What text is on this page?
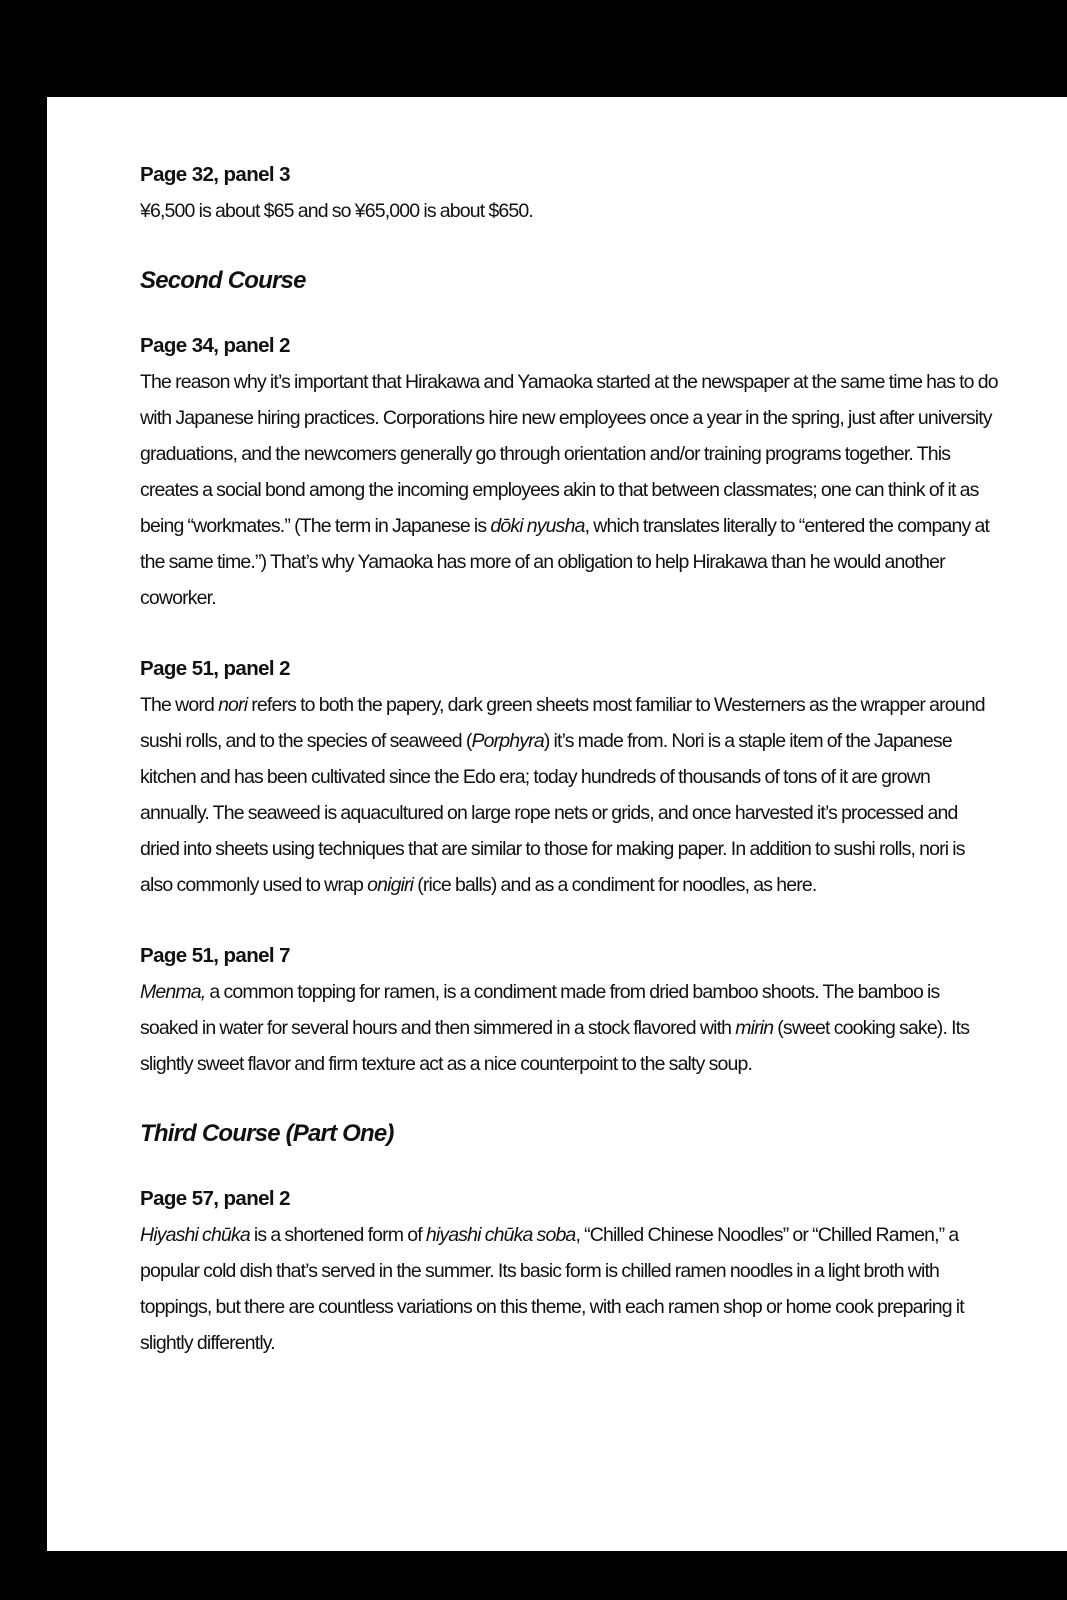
Page 32, panel 3

¥6,500 is about $65 and so ¥65,000 is about $650.

Second Course

Page 34, panel 2

The reason why it’s important that Hirakawa and Yamaoka started at the newspaper at the same time has to do with Japanese hiring practices. Corporations hire new employees once a year in the spring, just after university graduations, and the newcomers generally go through orientation and/or training programs together. This creates a social bond among the incoming employees akin to that between classmates; one can think of it as being “workmates.” (The term in Japanese is dōki nyusha, which translates literally to “entered the company at the same time.”) That’s why Yamaoka has more of an obligation to help Hirakawa than he would another coworker.

Page 51, panel 2

The word nori refers to both the papery, dark green sheets most familiar to Westerners as the wrapper around sushi rolls, and to the species of seaweed (Porphyra) it’s made from. Nori is a staple item of the Japanese kitchen and has been cultivated since the Edo era; today hundreds of thousands of tons of it are grown annually. The seaweed is aquacultured on large rope nets or grids, and once harvested it’s processed and dried into sheets using techniques that are similar to those for making paper. In addition to sushi rolls, nori is also commonly used to wrap onigiri (rice balls) and as a condiment for noodles, as here.

Page 51, panel 7

Menma, a common topping for ramen, is a condiment made from dried bamboo shoots. The bamboo is soaked in water for several hours and then simmered in a stock flavored with mirin (sweet cooking sake). Its slightly sweet flavor and firm texture act as a nice counterpoint to the salty soup.

Third Course (Part One)

Page 57, panel 2

Hiyashi chūka is a shortened form of hiyashi chūka soba, “Chilled Chinese Noodles” or “Chilled Ramen,” a popular cold dish that’s served in the summer. Its basic form is chilled ramen noodles in a light broth with toppings, but there are countless variations on this theme, with each ramen shop or home cook preparing it slightly differently.
